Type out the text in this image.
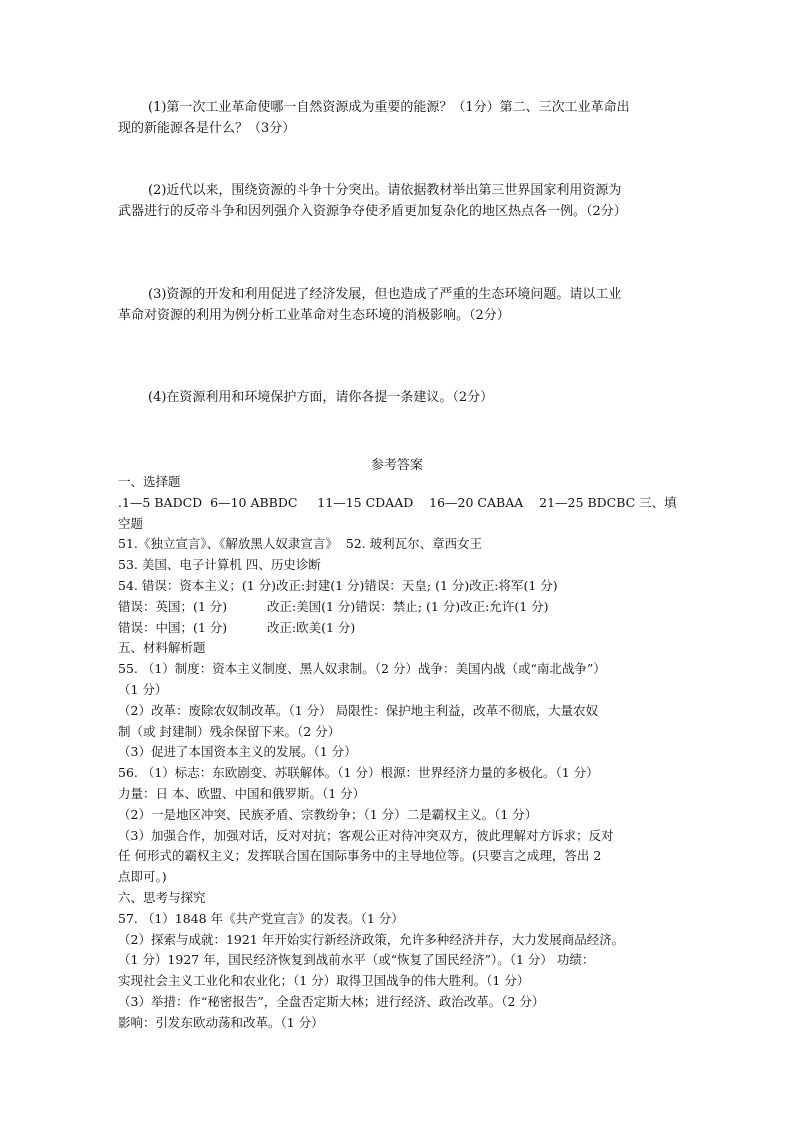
(1)第一次工业革命使哪一自然资源成为重要的能源？（1分）第二、三次工业革命出
现的新能源各是什么？（3分）
(2)近代以来，围绕资源的斗争十分突出。请依据教材举出第三世界国家利用资源为
武器进行的反帝斗争和因列强介入资源争夺使矛盾更加复杂化的地区热点各一例。（2分）
(3)资源的开发和利用促进了经济发展，但也造成了严重的生态环境问题。请以工业
革命对资源的利用为例分析工业革命对生态环境的消极影响。（2分）
(4)在资源利用和环境保护方面，请你各提一条建议。（2分）
参考答案

一、选择题

.1—5 BADCD  6—10 ABBDC     11—15 CDAAD    16—20 CABAA    21—25 BDCBC 三、填

空题

51.《独立宣言》、《解放黑人奴隶宣言》  52. 玻利瓦尔、章西女王

53. 美国、电子计算机 四、历史诊断

54. 错误：资本主义；(1 分)改正:封建(1 分)错误：天皇; (1 分)改正:将军(1 分)

错误：英国；(1 分)          改正:美国(1 分)错误：禁止; (1 分)改正:允许(1 分)

错误：中国；(1 分)          改正:欧美(1 分)

五、材料解析题

55. （1）制度：资本主义制度、黑人奴隶制。（2 分）战争：美国内战（或“南北战争”）

（1 分）

（2）改革：废除农奴制改革。（1 分） 局限性：保护地主利益，改革不彻底，大量农奴

制（或 封建制）残余保留下来。（2 分）

（3）促进了本国资本主义的发展。（1 分）

56. （1）标志：东欧剧变、苏联解体。（1 分）根源：世界经济力量的多极化。（1 分）

力量：日 本、欧盟、中国和俄罗斯。（1 分）

（2）一是地区冲突、民族矛盾、宗教纷争；（1 分）二是霸权主义。（1 分）

（3）加强合作，加强对话，反对对抗；客观公正对待冲突双方，彼此理解对方诉求；反对

任 何形式的霸权主义；发挥联合国在国际事务中的主导地位等。(只要言之成理，答出 2

点即可。)

六、思考与探究

57. （1）1848 年《共产党宣言》的发表。（1 分）

（2）探索与成就：1921 年开始实行新经济政策，允许多种经济并存，大力发展商品经济。

（1 分）1927 年，国民经济恢复到战前水平（或“恢复了国民经济”）。（1 分） 功绩：

实现社会主义工业化和农业化；（1 分）取得卫国战争的伟大胜利。（1 分）

（3）举措：作“秘密报告”，全盘否定斯大林；进行经济、政治改革。（2 分）

影响：引发东欧动荡和改革。（1 分）
